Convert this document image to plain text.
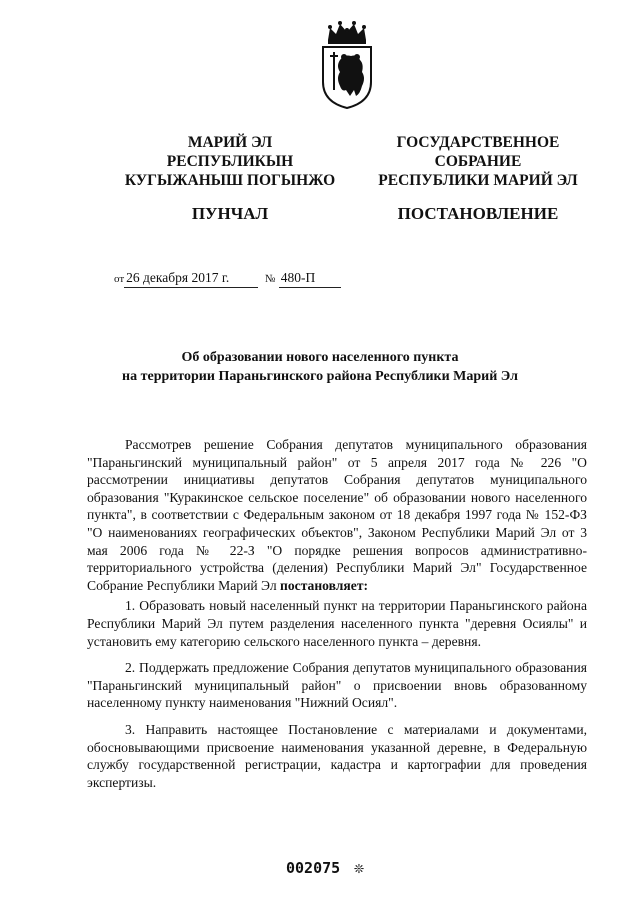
МАРИЙ ЭЛ
РЕСПУБЛИКЫН
КУГЫЖАНЫШ ПОГЫНЖО
ГОСУДАРСТВЕННОЕ
СОБРАНИЕ
РЕСПУБЛИКИ МАРИЙ ЭЛ
ПУНЧАЛ	ПОСТАНОВЛЕНИЕ
от 26 декабря 2017 г.	№ 480-П
Об образовании нового населенного пункта
на территории Параньгинского района Республики Марий Эл

Рассмотрев решение Собрания депутатов муниципального образования "Параньгинский муниципальный район" от 5 апреля 2017 года № 226 "О рассмотрении инициативы депутатов Собрания депутатов муниципального образования "Куракинское сельское поселение" об образовании нового населенного пункта", в соответствии с Федеральным законом от 18 декабря 1997 года № 152-ФЗ "О наименованиях географических объектов", Законом Республики Марий Эл от 3 мая 2006 года № 22-З "О порядке решения вопросов административно-территориального устройства (деления) Республики Марий Эл" Государственное Собрание Республики Марий Эл постановляет:

1. Образовать новый населенный пункт на территории Параньгинского района Республики Марий Эл путем разделения населенного пункта "деревня Осиялы" и установить ему категорию сельского населенного пункта – деревня.

2. Поддержать предложение Собрания депутатов муниципального образования "Параньгинский муниципальный район" о присвоении вновь образованному населенному пункту наименования "Нижний Осиял".

3. Направить настоящее Постановление с материалами и документами, обосновывающими присвоение наименования указанной деревне, в Федеральную службу государственной регистрации, кадастра и картографии для проведения экспертизы.

002075 ❊
